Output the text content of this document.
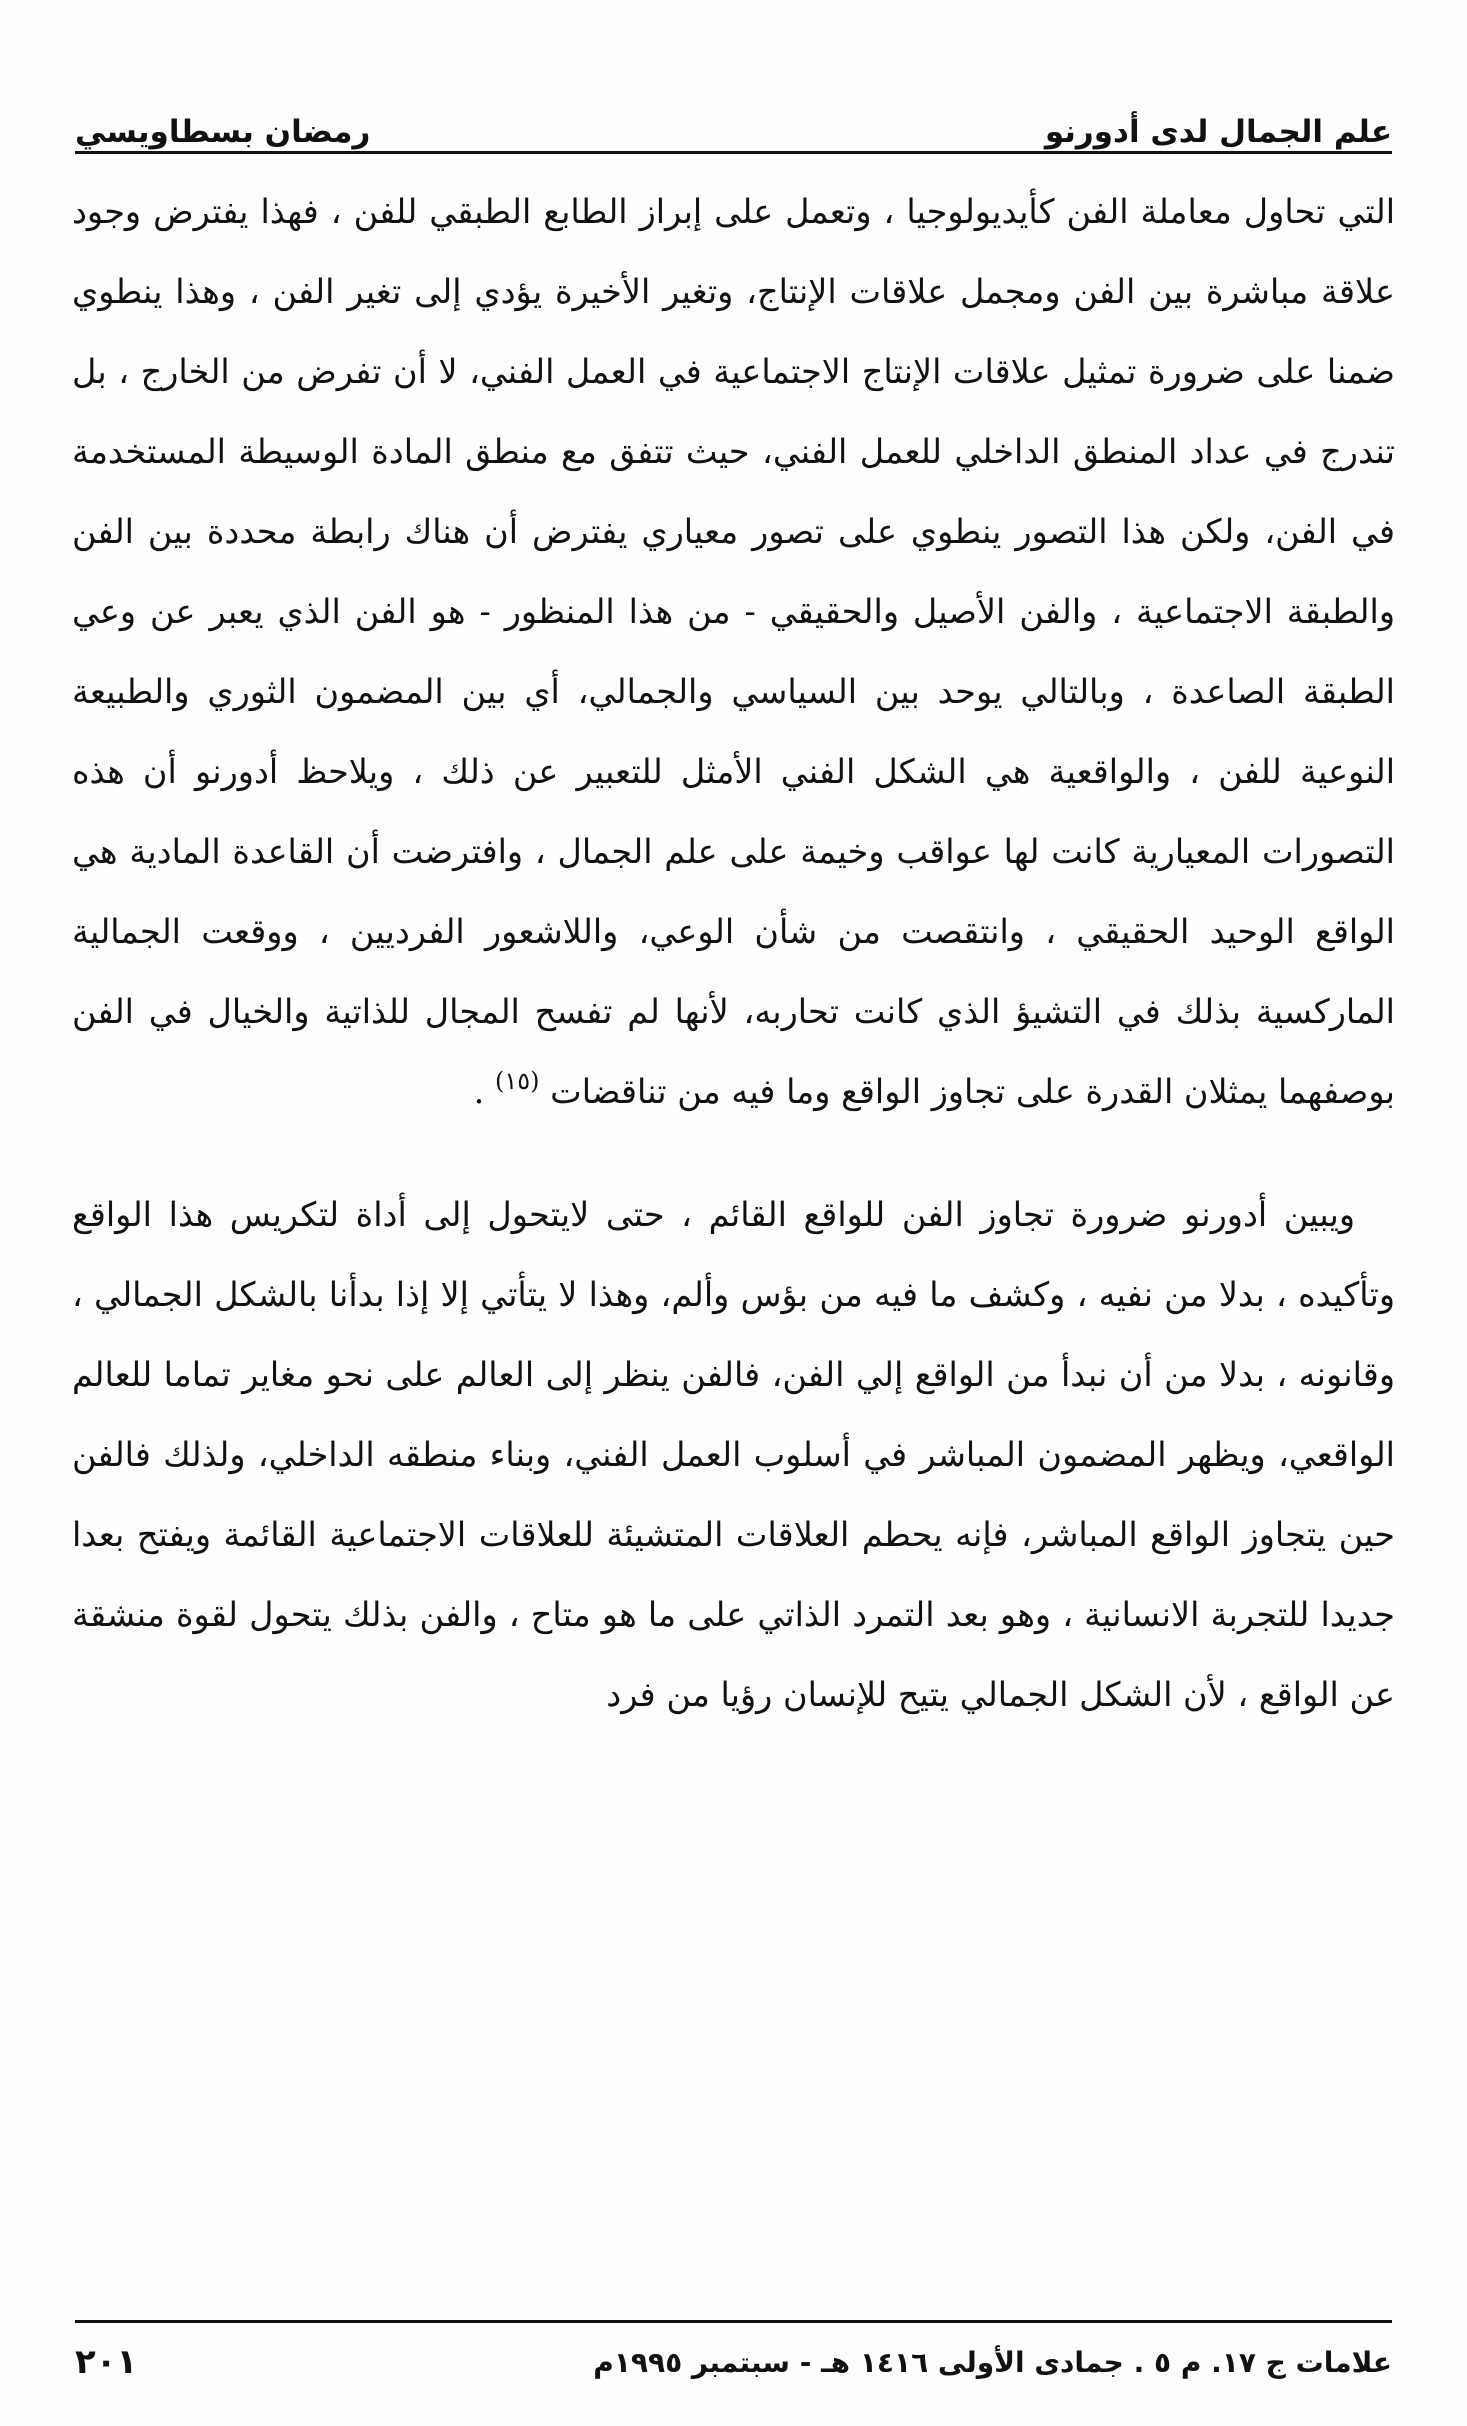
علم الجمال لدى أدورنو
رمضان بسطاويسي

التي تحاول معاملة الفن كأيديولوجيا ، وتعمل على إبراز الطابع الطبقي للفن ، فهذا يفترض وجود علاقة مباشرة بين الفن ومجمل علاقات الإنتاج، وتغير الأخيرة يؤدي إلى تغير الفن ، وهذا ينطوي ضمنا على ضرورة تمثيل علاقات الإنتاج الاجتماعية في العمل الفني، لا أن تفرض من الخارج ، بل تندرج في عداد المنطق الداخلي للعمل الفني، حيث تتفق مع منطق المادة الوسيطة المستخدمة في الفن، ولكن هذا التصور ينطوي على تصور معياري يفترض أن هناك رابطة محددة بين الفن والطبقة الاجتماعية ، والفن الأصيل والحقيقي - من هذا المنظور - هو الفن الذي يعبر عن وعي الطبقة الصاعدة ، وبالتالي يوحد بين السياسي والجمالي، أي بين المضمون الثوري والطبيعة النوعية للفن ، والواقعية هي الشكل الفني الأمثل للتعبير عن ذلك ، ويلاحظ أدورنو أن هذه التصورات المعيارية كانت لها عواقب وخيمة على علم الجمال ، وافترضت أن القاعدة المادية هي الواقع الوحيد الحقيقي ، وانتقصت من شأن الوعي، واللاشعور الفرديين ، ووقعت الجمالية الماركسية بذلك في التشيؤ الذي كانت تحاربه، لأنها لم تفسح المجال للذاتية والخيال في الفن بوصفهما يمثلان القدرة على تجاوز الواقع وما فيه من تناقضات $^{(١٥)}$ .

ويبين أدورنو ضرورة تجاوز الفن للواقع القائم ، حتى لايتحول إلى أداة لتكريس هذا الواقع وتأكيده ، بدلا من نفيه ، وكشف ما فيه من بؤس وألم، وهذا لا يتأتي إلا إذا بدأنا بالشكل الجمالي ، وقانونه ، بدلا من أن نبدأ من الواقع إلي الفن، فالفن ينظر إلى العالم على نحو مغاير تماما للعالم الواقعي، ويظهر المضمون المباشر في أسلوب العمل الفني، وبناء منطقه الداخلي، ولذلك فالفن حين يتجاوز الواقع المباشر، فإنه يحطم العلاقات المتشيئة للعلاقات الاجتماعية القائمة ويفتح بعدا جديدا للتجربة الانسانية ، وهو بعد التمرد الذاتي على ما هو متاح ، والفن بذلك يتحول لقوة منشقة عن الواقع ، لأن الشكل الجمالي يتيح للإنسان رؤيا من فرد

علامات ج ١٧. م ٥ . جمادى الأولى ١٤١٦ هـ - سبتمبر ١٩٩٥م
٢٠١
